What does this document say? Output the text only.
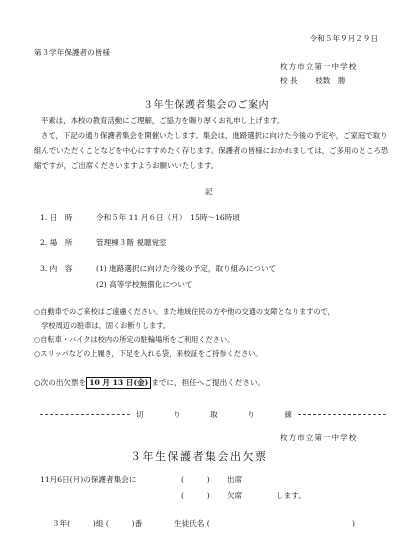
令和５年９月２９日
第３学年保護者の皆様
枚方市立第一中学校
校 長　　 枝数　勝
３年生保護者集会のご案内
平素は，本校の教育活動にご理解，ご協力を賜り厚くお礼申し上げます。
さて，下記の通り保護者集会を開催いたします。集会は，進路選択に向けた今後の予定や，ご家庭で取り組んでいただくことなどを中心にすすめたく存じます。保護者の皆様におかれましては，ご多用のところ恐縮ですが，ご出席くださいますようお願いいたします。
記
1. 日　時	令和５年 11 月６日（月）　15時～16時頃
2. 場　所	管理棟３階 視聴覚室
3. 内　容	(1) 進路選択に向けた今後の予定，取り組みについて
(2) 高等学校無償化について
○自動車でのご来校はご遠慮ください。また地域住民の方や他の交通の支障となりますので，
　学校周辺の駐車は，固くお断りします。
○自転車・バイクは校内の所定の駐輪場所をご利用ください。
○スリッパなどの上履き，下足を入れる袋，来校証をご持参ください。
○次の出欠票を 10 月 13 日(金) までに，担任へご提出ください。
切	り	取	り	線
枚方市立第一中学校
３年生保護者集会出欠票
11月6日(月)の保護者集会に	(　　　) 出席
(　　　) 欠席	します。
３年(　　　)組 (　　　)番	生徒氏名 (	)
